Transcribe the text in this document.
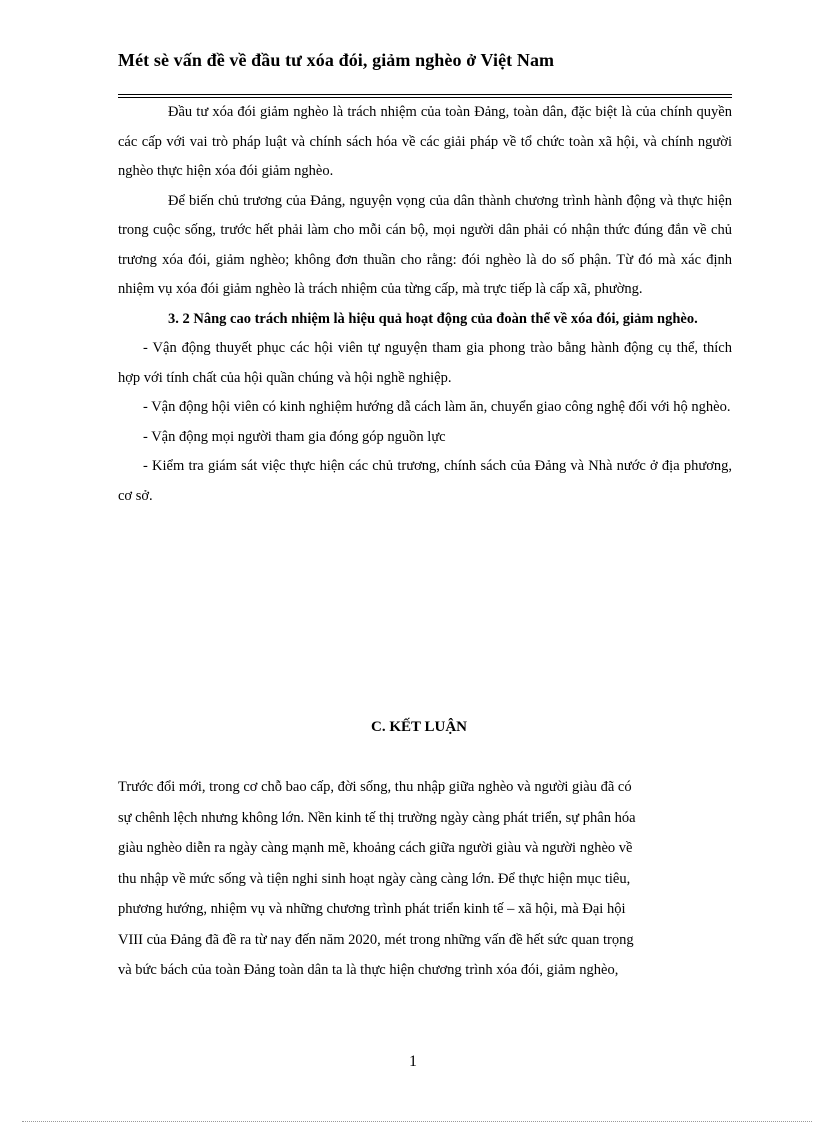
Mét sè vấn đề về đầu tư xóa đói, giảm nghèo ở Việt Nam

Đầu tư xóa đói giảm nghèo là trách nhiệm của toàn Đảng, toàn dân, đặc biệt là của chính quyền các cấp với vai trò pháp luật và chính sách hóa về các giải pháp về tổ chức toàn xã hội, và chính người nghèo thực hiện xóa đói giảm nghèo.

Để biến chủ trương của Đảng, nguyện vọng của dân thành chương trình hành động và thực hiện trong cuộc sống, trước hết phải làm cho mỗi cán bộ, mọi người dân phải có nhận thức đúng đắn về chủ trương xóa đói, giảm nghèo; không đơn thuần cho rằng: đói nghèo là do số phận. Từ đó mà xác định nhiệm vụ xóa đói giảm nghèo là trách nhiệm của từng cấp, mà trực tiếp là cấp xã, phường.

3. 2 Nâng cao trách nhiệm là hiệu quả hoạt động của đoàn thể về xóa đói, giảm nghèo.

- Vận động thuyết phục các hội viên tự nguyện tham gia phong trào bằng hành động cụ thể, thích hợp với tính chất của hội quần chúng và hội nghề nghiệp.

- Vận động hội viên có kinh nghiệm hướng dẫ cách làm ăn, chuyển giao công nghệ đối với hộ nghèo.

- Vận động mọi người tham gia đóng góp nguồn lực

- Kiểm tra giám sát việc thực hiện các chủ trương, chính sách của Đảng và Nhà nước ở địa phương, cơ sở.

C. KẾT LUẬN
Trước đổi mới, trong cơ chỗ bao cấp, đời sống, thu nhập giữa nghèo và người giàu đã có
sự chênh lệch nhưng không lớn. Nền kinh tế thị trường ngày càng phát triển, sự phân hóa
giàu nghèo diễn ra ngày càng mạnh mẽ, khoảng cách giữa người giàu và người nghèo về
thu nhập về mức sống và tiện nghi sinh hoạt ngày càng càng lớn. Để thực hiện mục tiêu,
phương hướng, nhiệm vụ và những chương trình phát triển kinh tế – xã hội, mà Đại hội
VIII của Đảng đã đề ra từ nay đến năm 2020, mét trong những vấn đề hết sức quan trọng
và bức bách của toàn Đảng toàn dân ta là thực hiện chương trình xóa đói, giảm nghèo,
1
